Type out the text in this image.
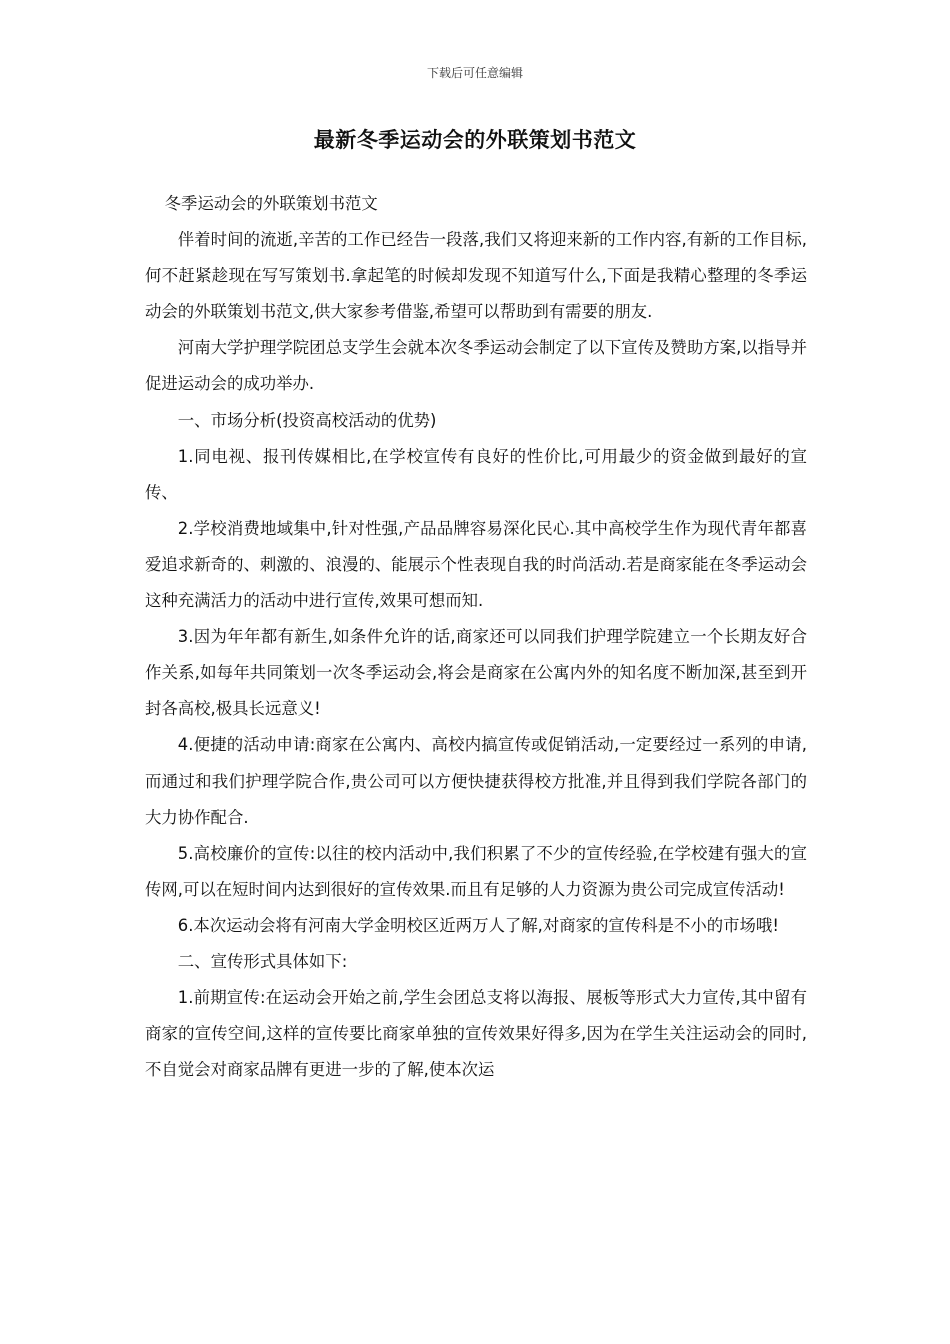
下载后可任意编辑
最新冬季运动会的外联策划书范文

冬季运动会的外联策划书范文

伴着时间的流逝,辛苦的工作已经告一段落,我们又将迎来新的工作内容,有新的工作目标,何不赶紧趁现在写写策划书.拿起笔的时候却发现不知道写什么,下面是我精心整理的冬季运动会的外联策划书范文,供大家参考借鉴,希望可以帮助到有需要的朋友.

河南大学护理学院团总支学生会就本次冬季运动会制定了以下宣传及赞助方案,以指导并促进运动会的成功举办.

一、市场分析(投资高校活动的优势)

1.同电视、报刊传媒相比,在学校宣传有良好的性价比,可用最少的资金做到最好的宣传、

2.学校消费地域集中,针对性强,产品品牌容易深化民心.其中高校学生作为现代青年都喜爱追求新奇的、刺激的、浪漫的、能展示个性表现自我的时尚活动.若是商家能在冬季运动会这种充满活力的活动中进行宣传,效果可想而知.

3.因为年年都有新生,如条件允许的话,商家还可以同我们护理学院建立一个长期友好合作关系,如每年共同策划一次冬季运动会,将会是商家在公寓内外的知名度不断加深,甚至到开封各高校,极具长远意义!

4.便捷的活动申请:商家在公寓内、高校内搞宣传或促销活动,一定要经过一系列的申请,而通过和我们护理学院合作,贵公司可以方便快捷获得校方批准,并且得到我们学院各部门的大力协作配合.

5.高校廉价的宣传:以往的校内活动中,我们积累了不少的宣传经验,在学校建有强大的宣传网,可以在短时间内达到很好的宣传效果.而且有足够的人力资源为贵公司完成宣传活动!

6.本次运动会将有河南大学金明校区近两万人了解,对商家的宣传科是不小的市场哦!

二、宣传形式具体如下:

1.前期宣传:在运动会开始之前,学生会团总支将以海报、展板等形式大力宣传,其中留有商家的宣传空间,这样的宣传要比商家单独的宣传效果好得多,因为在学生关注运动会的同时,不自觉会对商家品牌有更进一步的了解,使本次运
